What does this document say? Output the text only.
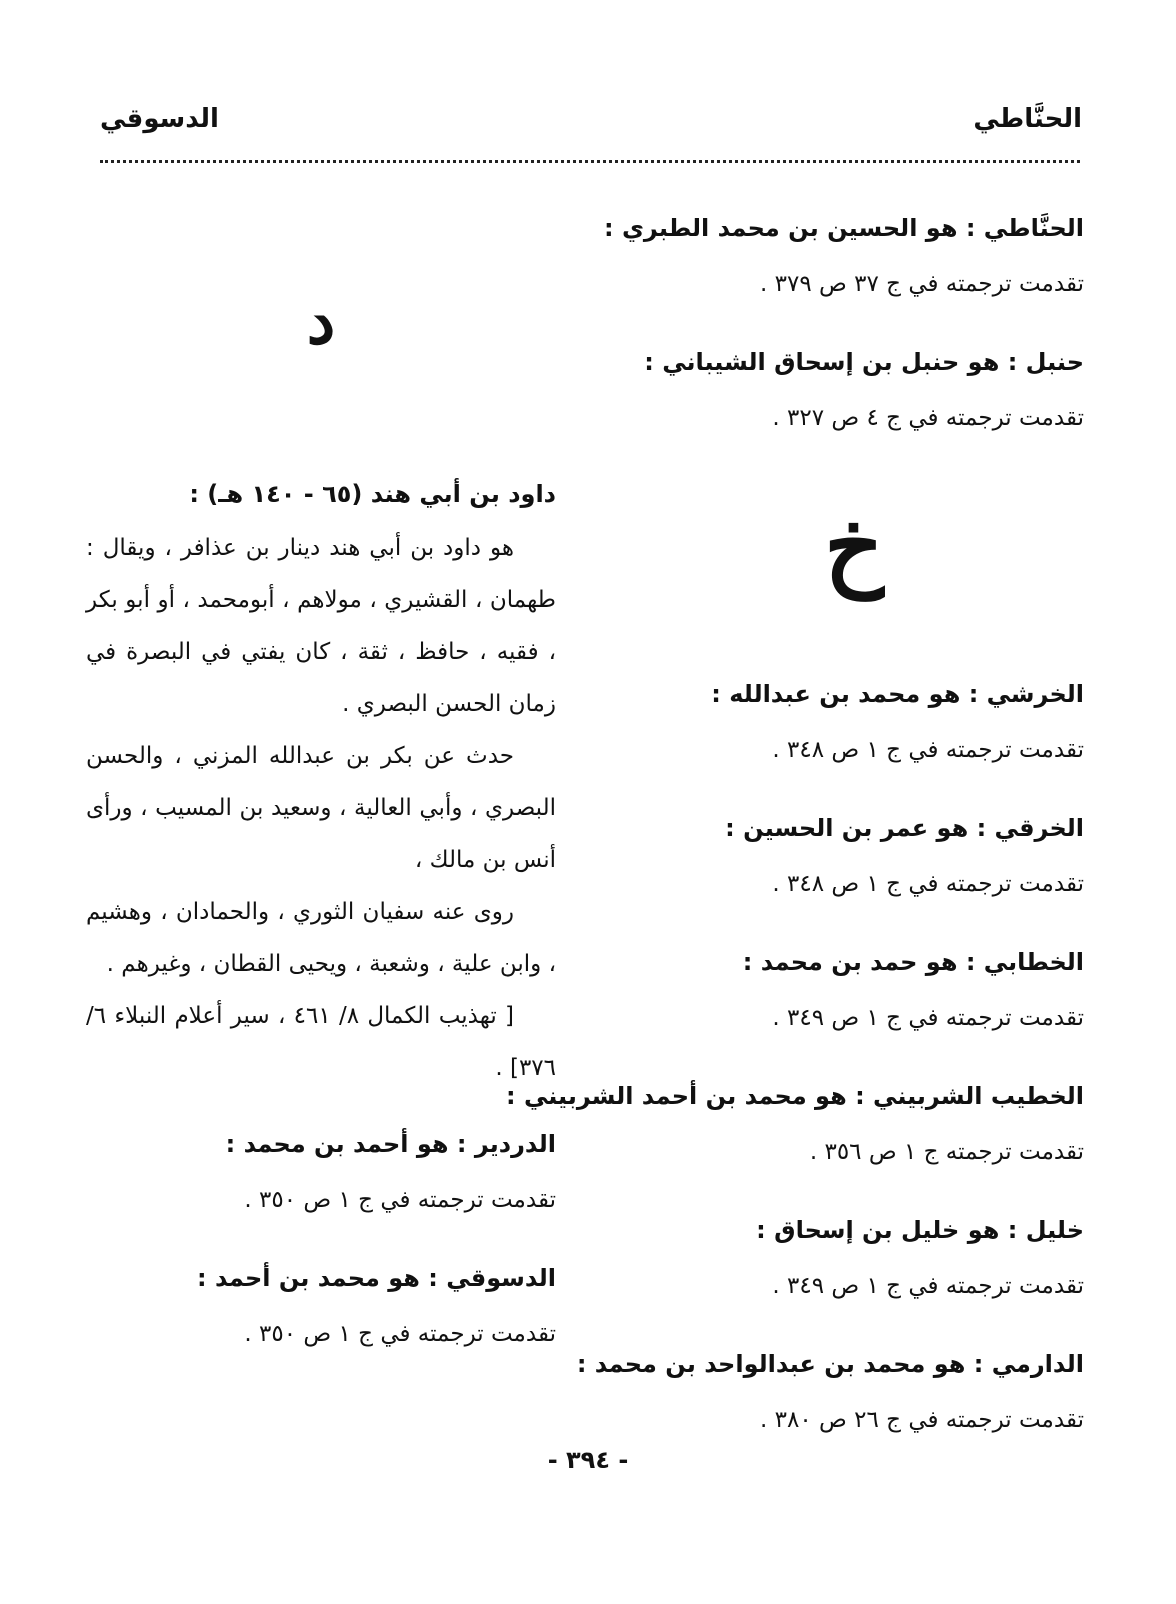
الحنَّاطي
الدسوقي
الحنَّاطي : هو الحسين بن محمد الطبري :
تقدمت ترجمته في ج ٣٧ ص ٣٧٩ .
حنبل : هو حنبل بن إسحاق الشيباني :
تقدمت ترجمته في ج ٤ ص ٣٢٧ .
خ
الخرشي : هو محمد بن عبدالله :
تقدمت ترجمته في ج ١ ص ٣٤٨ .
الخرقي : هو عمر بن الحسين :
تقدمت ترجمته في ج ١ ص ٣٤٨ .
الخطابي : هو حمد بن محمد :
تقدمت ترجمته في ج ١ ص ٣٤٩ .
الخطيب الشربيني : هو محمد بن أحمد الشربيني :
تقدمت ترجمته ج ١ ص ٣٥٦ .
خليل : هو خليل بن إسحاق :
تقدمت ترجمته في ج ١ ص ٣٤٩ .
الدارمي : هو محمد بن عبدالواحد بن محمد :
تقدمت ترجمته في ج ٢٦ ص ٣٨٠ .
د
داود بن أبي هند (٦٥ - ١٤٠ هـ) :

هو داود بن أبي هند دينار بن عذافر ، ويقال : طهمان ، القشيري ، مولاهم ، أبومحمد ، أو أبو بكر ، فقيه ، حافظ ، ثقة ، كان يفتي في البصرة في زمان الحسن البصري .

حدث عن بكر بن عبدالله المزني ، والحسن البصري ، وأبي العالية ، وسعيد بن المسيب ، ورأى أنس بن مالك ،

روى عنه سفيان الثوري ، والحمادان ، وهشيم ، وابن علية ، وشعبة ، ويحيى القطان ، وغيرهم .

[ تهذيب الكمال ٨/ ٤٦١ ، سير أعلام النبلاء ٦/ ٣٧٦] .

الدردير : هو أحمد بن محمد :
تقدمت ترجمته في ج ١ ص ٣٥٠ .
الدسوقي : هو محمد بن أحمد :
تقدمت ترجمته في ج ١ ص ٣٥٠ .
- ٣٩٤ -
